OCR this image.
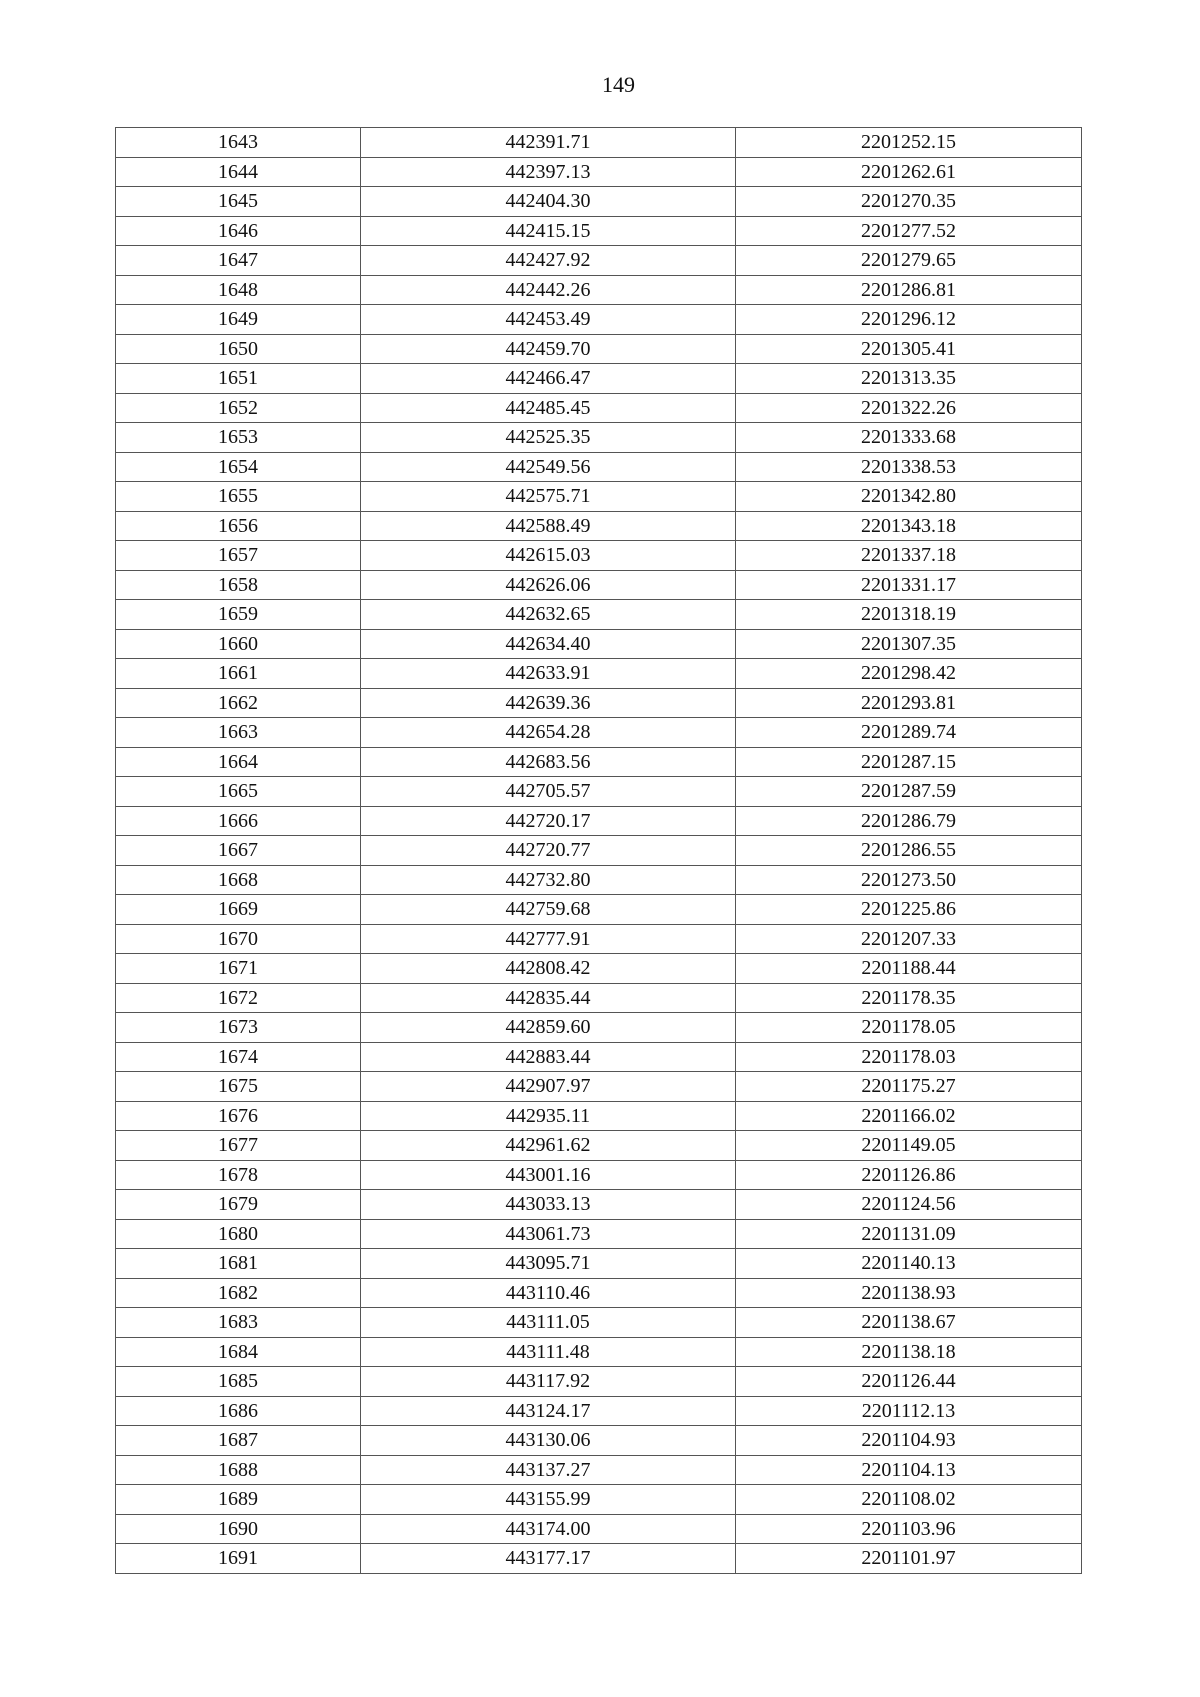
149
1643	442391.71	2201252.15
1644	442397.13	2201262.61
1645	442404.30	2201270.35
1646	442415.15	2201277.52
1647	442427.92	2201279.65
1648	442442.26	2201286.81
1649	442453.49	2201296.12
1650	442459.70	2201305.41
1651	442466.47	2201313.35
1652	442485.45	2201322.26
1653	442525.35	2201333.68
1654	442549.56	2201338.53
1655	442575.71	2201342.80
1656	442588.49	2201343.18
1657	442615.03	2201337.18
1658	442626.06	2201331.17
1659	442632.65	2201318.19
1660	442634.40	2201307.35
1661	442633.91	2201298.42
1662	442639.36	2201293.81
1663	442654.28	2201289.74
1664	442683.56	2201287.15
1665	442705.57	2201287.59
1666	442720.17	2201286.79
1667	442720.77	2201286.55
1668	442732.80	2201273.50
1669	442759.68	2201225.86
1670	442777.91	2201207.33
1671	442808.42	2201188.44
1672	442835.44	2201178.35
1673	442859.60	2201178.05
1674	442883.44	2201178.03
1675	442907.97	2201175.27
1676	442935.11	2201166.02
1677	442961.62	2201149.05
1678	443001.16	2201126.86
1679	443033.13	2201124.56
1680	443061.73	2201131.09
1681	443095.71	2201140.13
1682	443110.46	2201138.93
1683	443111.05	2201138.67
1684	443111.48	2201138.18
1685	443117.92	2201126.44
1686	443124.17	2201112.13
1687	443130.06	2201104.93
1688	443137.27	2201104.13
1689	443155.99	2201108.02
1690	443174.00	2201103.96
1691	443177.17	2201101.97
